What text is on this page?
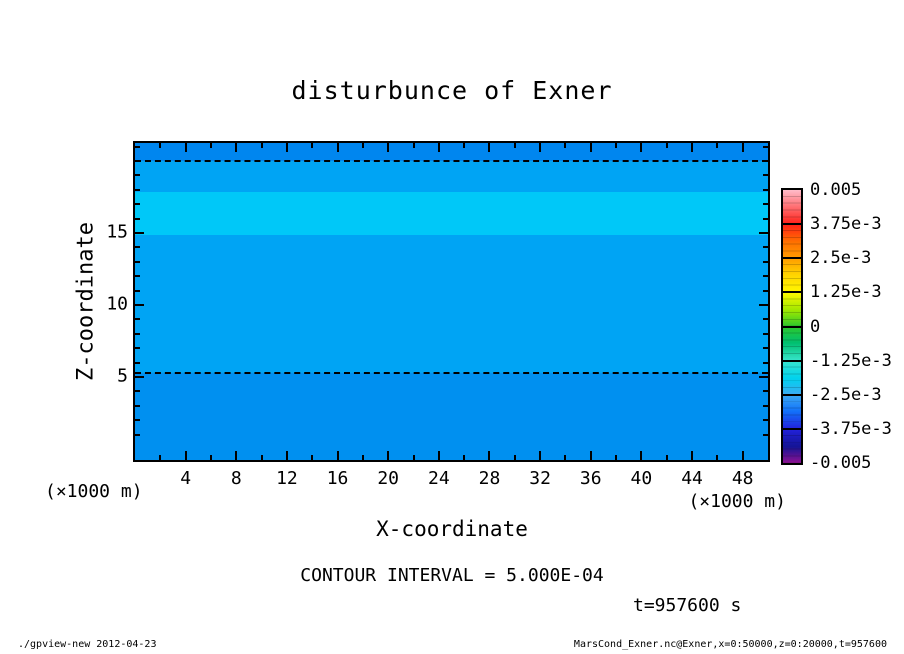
disturbunce of Exner
Z-coordinate
X-coordinate
(×1000 m)	(×1000 m)
CONTOUR INTERVAL = 5.000E-04
t=957600 s
./gpview-new 2012-04-23	MarsCond_Exner.nc@Exner,x=0:50000,z=0:20000,t=957600
4 8 12 16 20 24 28 32 36 40 44 48
5
10
15
0.005
3.75e-3
2.5e-3
1.25e-3
0
-1.25e-3
-2.5e-3
-3.75e-3
-0.005
